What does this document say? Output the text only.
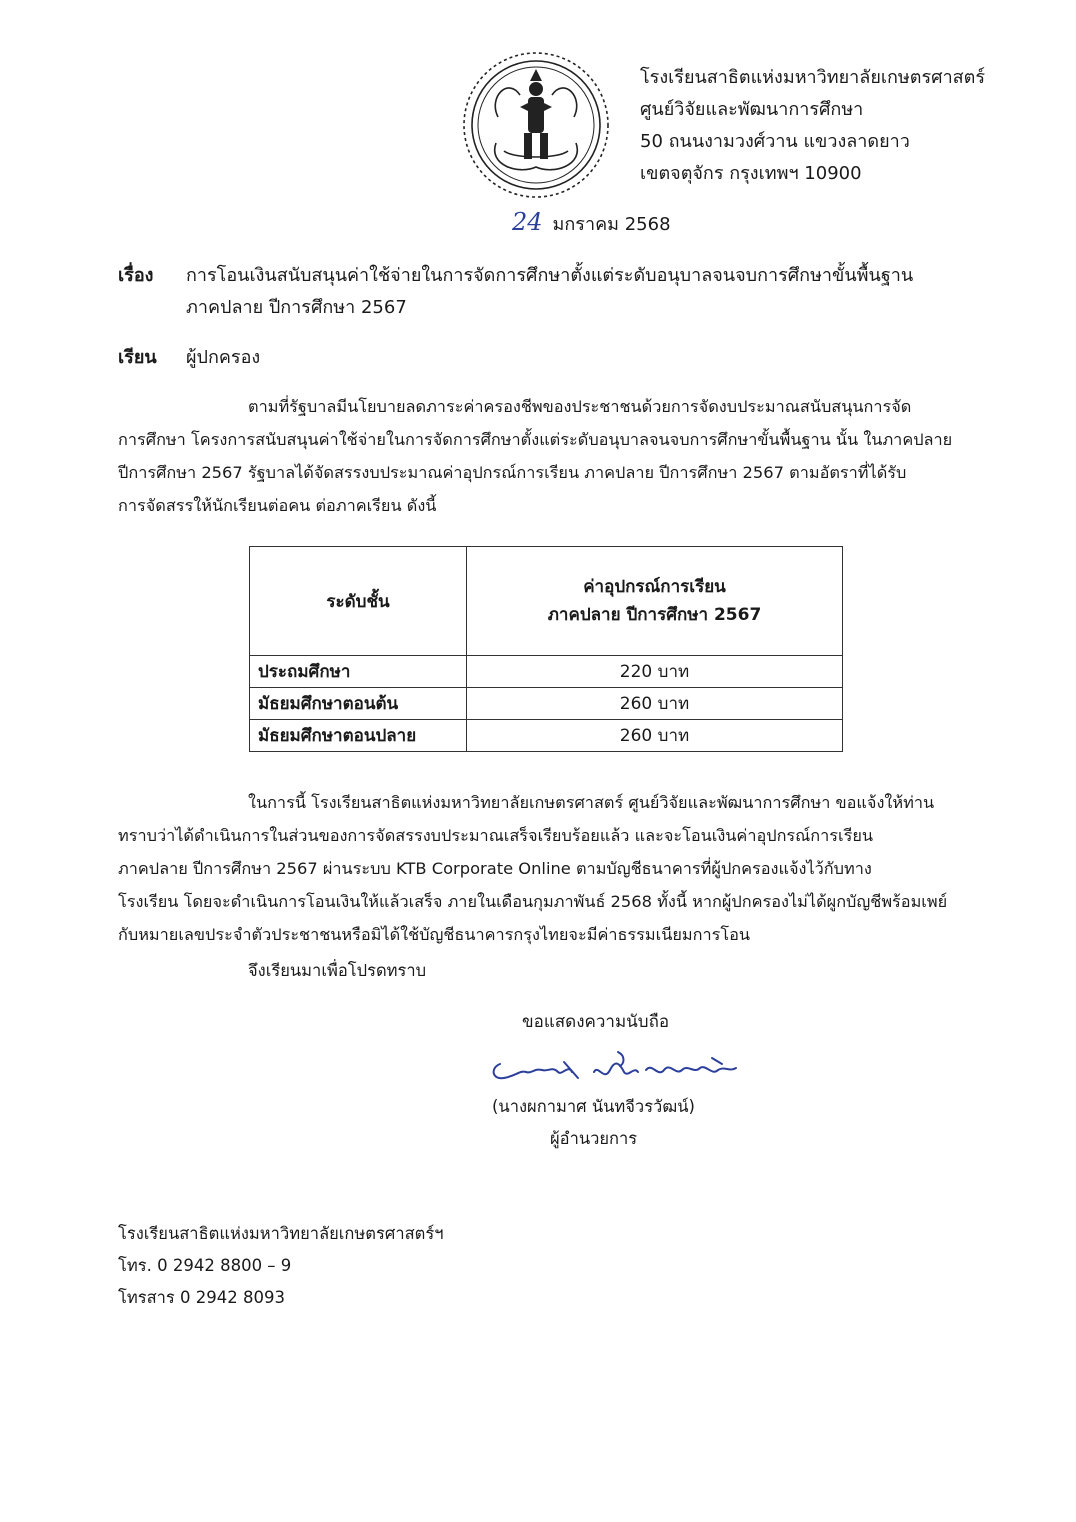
โรงเรียนสาธิตแห่งมหาวิทยาลัยเกษตรศาสตร์
ศูนย์วิจัยและพัฒนาการศึกษา
50 ถนนงามวงศ์วาน แขวงลาดยาว
เขตจตุจักร กรุงเทพฯ 10900
24 มกราคม 2568
เรื่อง การโอนเงินสนับสนุนค่าใช้จ่ายในการจัดการศึกษาตั้งแต่ระดับอนุบาลจนจบการศึกษาขั้นพื้นฐาน
ภาคปลาย ปีการศึกษา 2567
เรียน ผู้ปกครอง
ตามที่รัฐบาลมีนโยบายลดภาระค่าครองชีพของประชาชนด้วยการจัดงบประมาณสนับสนุนการจัด
การศึกษา โครงการสนับสนุนค่าใช้จ่ายในการจัดการศึกษาตั้งแต่ระดับอนุบาลจนจบการศึกษาขั้นพื้นฐาน นั้น ในภาคปลาย
ปีการศึกษา 2567 รัฐบาลได้จัดสรรงบประมาณค่าอุปกรณ์การเรียน ภาคปลาย ปีการศึกษา 2567 ตามอัตราที่ได้รับ
การจัดสรรให้นักเรียนต่อคน ต่อภาคเรียน ดังนี้
ระดับชั้น	ค่าอุปกรณ์การเรียน
ภาคปลาย ปีการศึกษา 2567

ประถมศึกษา	220 บาท
มัธยมศึกษาตอนต้น	260 บาท
มัธยมศึกษาตอนปลาย	260 บาท
ในการนี้ โรงเรียนสาธิตแห่งมหาวิทยาลัยเกษตรศาสตร์ ศูนย์วิจัยและพัฒนาการศึกษา ขอแจ้งให้ท่าน
ทราบว่าได้ดำเนินการในส่วนของการจัดสรรงบประมาณเสร็จเรียบร้อยแล้ว และจะโอนเงินค่าอุปกรณ์การเรียน
ภาคปลาย ปีการศึกษา 2567 ผ่านระบบ KTB Corporate Online ตามบัญชีธนาคารที่ผู้ปกครองแจ้งไว้กับทาง
โรงเรียน โดยจะดำเนินการโอนเงินให้แล้วเสร็จ ภายในเดือนกุมภาพันธ์ 2568 ทั้งนี้ หากผู้ปกครองไม่ได้ผูกบัญชีพร้อมเพย์
กับหมายเลขประจำตัวประชาชนหรือมิได้ใช้บัญชีธนาคารกรุงไทยจะมีค่าธรรมเนียมการโอน
จึงเรียนมาเพื่อโปรดทราบ
ขอแสดงความนับถือ
(นางผกามาศ นันทจีวรวัฒน์)
ผู้อำนวยการ
โรงเรียนสาธิตแห่งมหาวิทยาลัยเกษตรศาสตร์ฯ
โทร. 0 2942 8800 – 9
โทรสาร 0 2942 8093
